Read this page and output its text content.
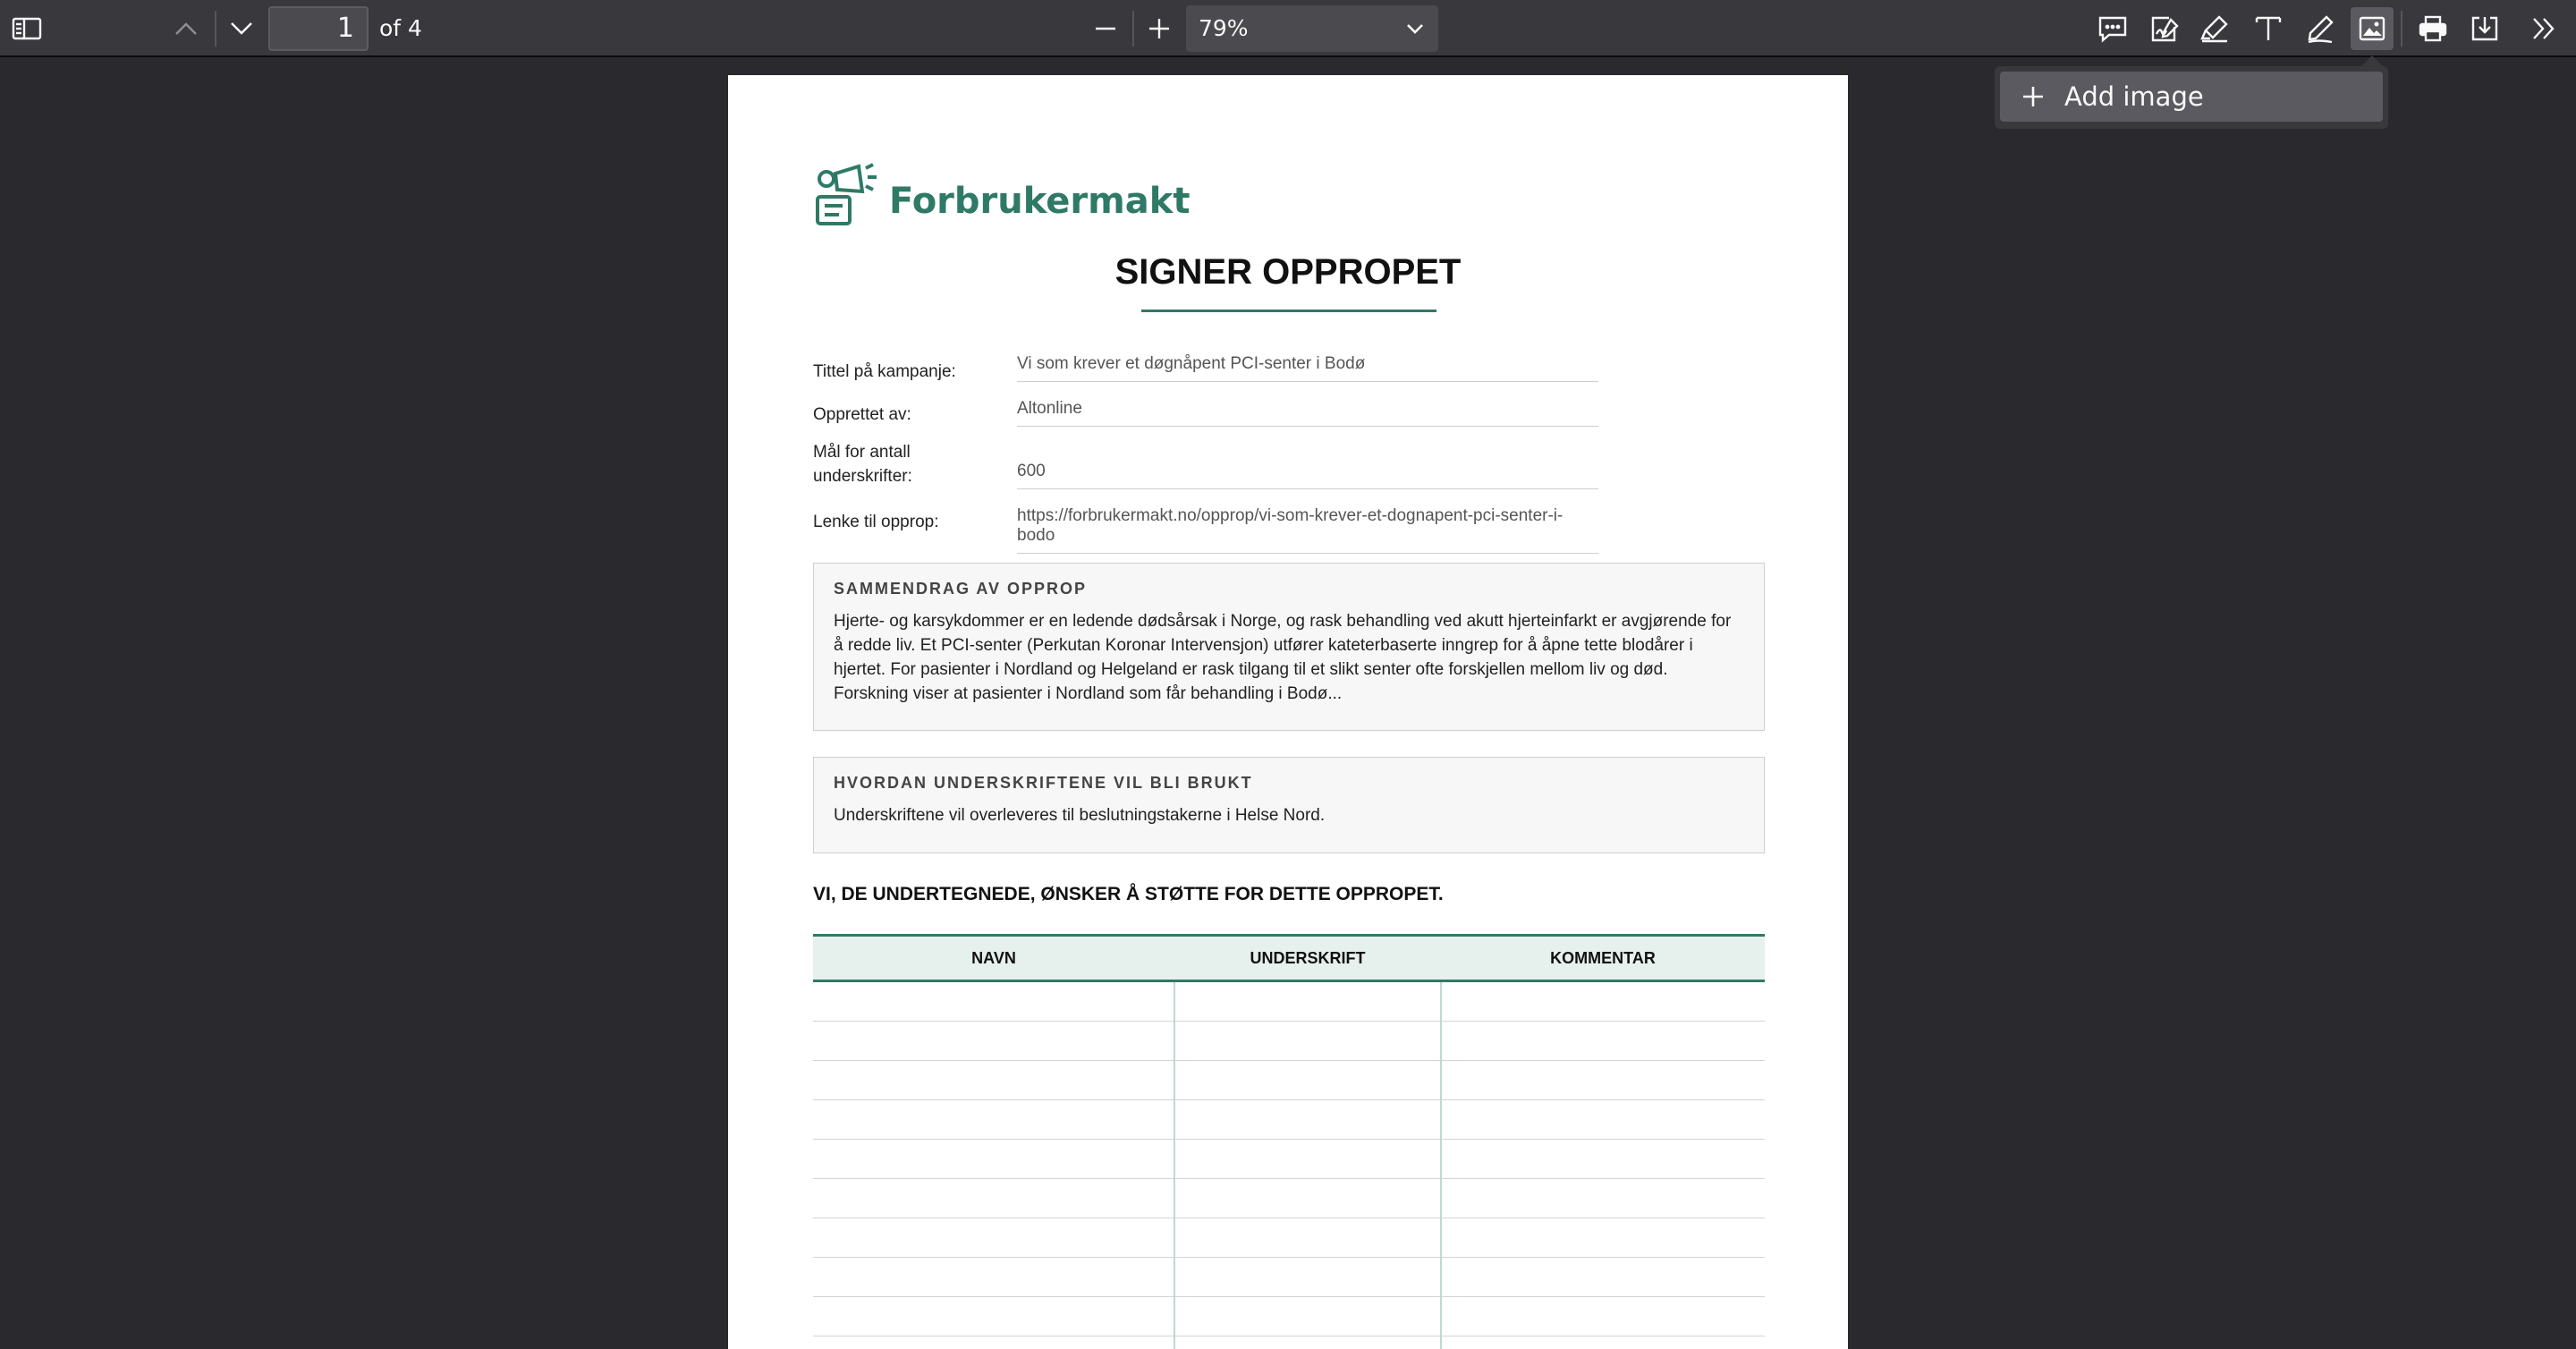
1	of 4	79%
Add image
Forbrukermakt
SIGNER OPPROPET
Tittel på kampanje:	Vi som krever et døgnåpent PCI-senter i Bodø
Opprettet av:	Altonline
Mål for antall underskrifter:	600
Lenke til opprop:	https://forbrukermakt.no/opprop/vi-som-krever-et-dognapent-pci-senter-i-bodo
SAMMENDRAG AV OPPROP
Hjerte- og karsykdommer er en ledende dødsårsak i Norge, og rask behandling ved akutt hjerteinfarkt er avgjørende for å redde liv. Et PCI-senter (Perkutan Koronar Intervensjon) utfører kateterbaserte inngrep for å åpne tette blodårer i hjertet. For pasienter i Nordland og Helgeland er rask tilgang til et slikt senter ofte forskjellen mellom liv og død. Forskning viser at pasienter i Nordland som får behandling i Bodø...
HVORDAN UNDERSKRIFTENE VIL BLI BRUKT
Underskriftene vil overleveres til beslutningstakerne i Helse Nord.
VI, DE UNDERTEGNEDE, ØNSKER Å STØTTE FOR DETTE OPPROPET.
NAVN	UNDERSKRIFT	KOMMENTAR
